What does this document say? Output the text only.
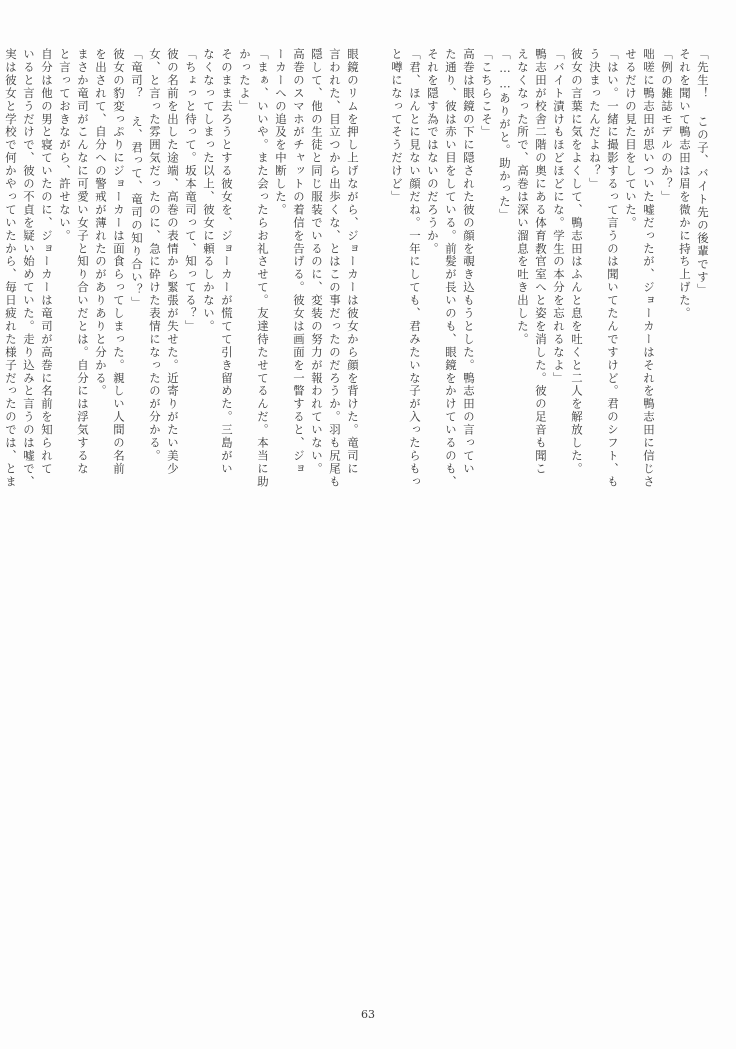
「先生！ この子、バイト先の後輩です」
それを聞いて鴨志田は眉を微かに持ち上げた。
「例の雑誌モデルのか？」
咄嗟に鴨志田が思いついた嘘だったが、ジョーカーはそれを鴨志田に信じさ
せるだけの見た目をしていた。
「はい。一緒に撮影するって言うのは聞いてたんですけど。君のシフト、も
う決まったんだよね？」
彼女の言葉に気をよくして、鴨志田はふんと息を吐くと二人を解放した。
「バイト漬けもほどほどにな。学生の本分を忘れるなよ」
鴨志田が校舎二階の奥にある体育教官室へと姿を消した。彼の足音も聞こ
えなくなった所で、高巻は深い溜息を吐き出した。
「……ありがと。助かった」
「こちらこそ」
高巻は眼鏡の下に隠された彼の顔を覗き込もうとした。鴨志田の言ってい
た通り、彼は赤い目をしている。前髪が長いのも、眼鏡をかけているのも、
それを隠す為ではないのだろうか。
「君、ほんとに見ない顔だね。一年にしても、君みたいな子が入ったらもっ
と噂になってそうだけど」
眼鏡のリムを押し上げながら、ジョーカーは彼女から顔を背けた。竜司に
言われた、目立つから出歩くな、とはこの事だったのだろうか。羽も尻尾も
隠して、他の生徒と同じ服装でいるのに、変装の努力が報われていない。
高巻のスマホがチャットの着信を告げる。彼女は画面を一瞥すると、ジョ
ーカーへの追及を中断した。
「まぁ、いいや。また会ったらお礼させて。友達待たせてるんだ。本当に助
かったよ」
そのまま去ろうとする彼女を、ジョーカーが慌てて引き留めた。三島がい
なくなってしまった以上、彼女に頼るしかない。
「ちょっと待って。坂本竜司って、知ってる？」
彼の名前を出した途端、高巻の表情から緊張が失せた。近寄りがたい美少
女、と言った雰囲気だったのに、急に砕けた表情になったのが分かる。
「竜司？ え、君って、竜司の知り合い？」
彼女の豹変っぷりにジョーカーは面食らってしまった。親しい人間の名前
を出されて、自分への警戒が薄れたのがありありと分かる。
まさか竜司がこんなに可愛い女子と知り合いだとは。自分には浮気するな
と言っておきながら、許せない。
自分は他の男と寝ていたのに、ジョーカーは竜司が高巻に名前を知られて
いると言うだけで、彼の不貞を疑い始めていた。走り込みと言うのは嘘で、
実は彼女と学校で何かやっていたから、毎日疲れた様子だったのでは、とま
63
